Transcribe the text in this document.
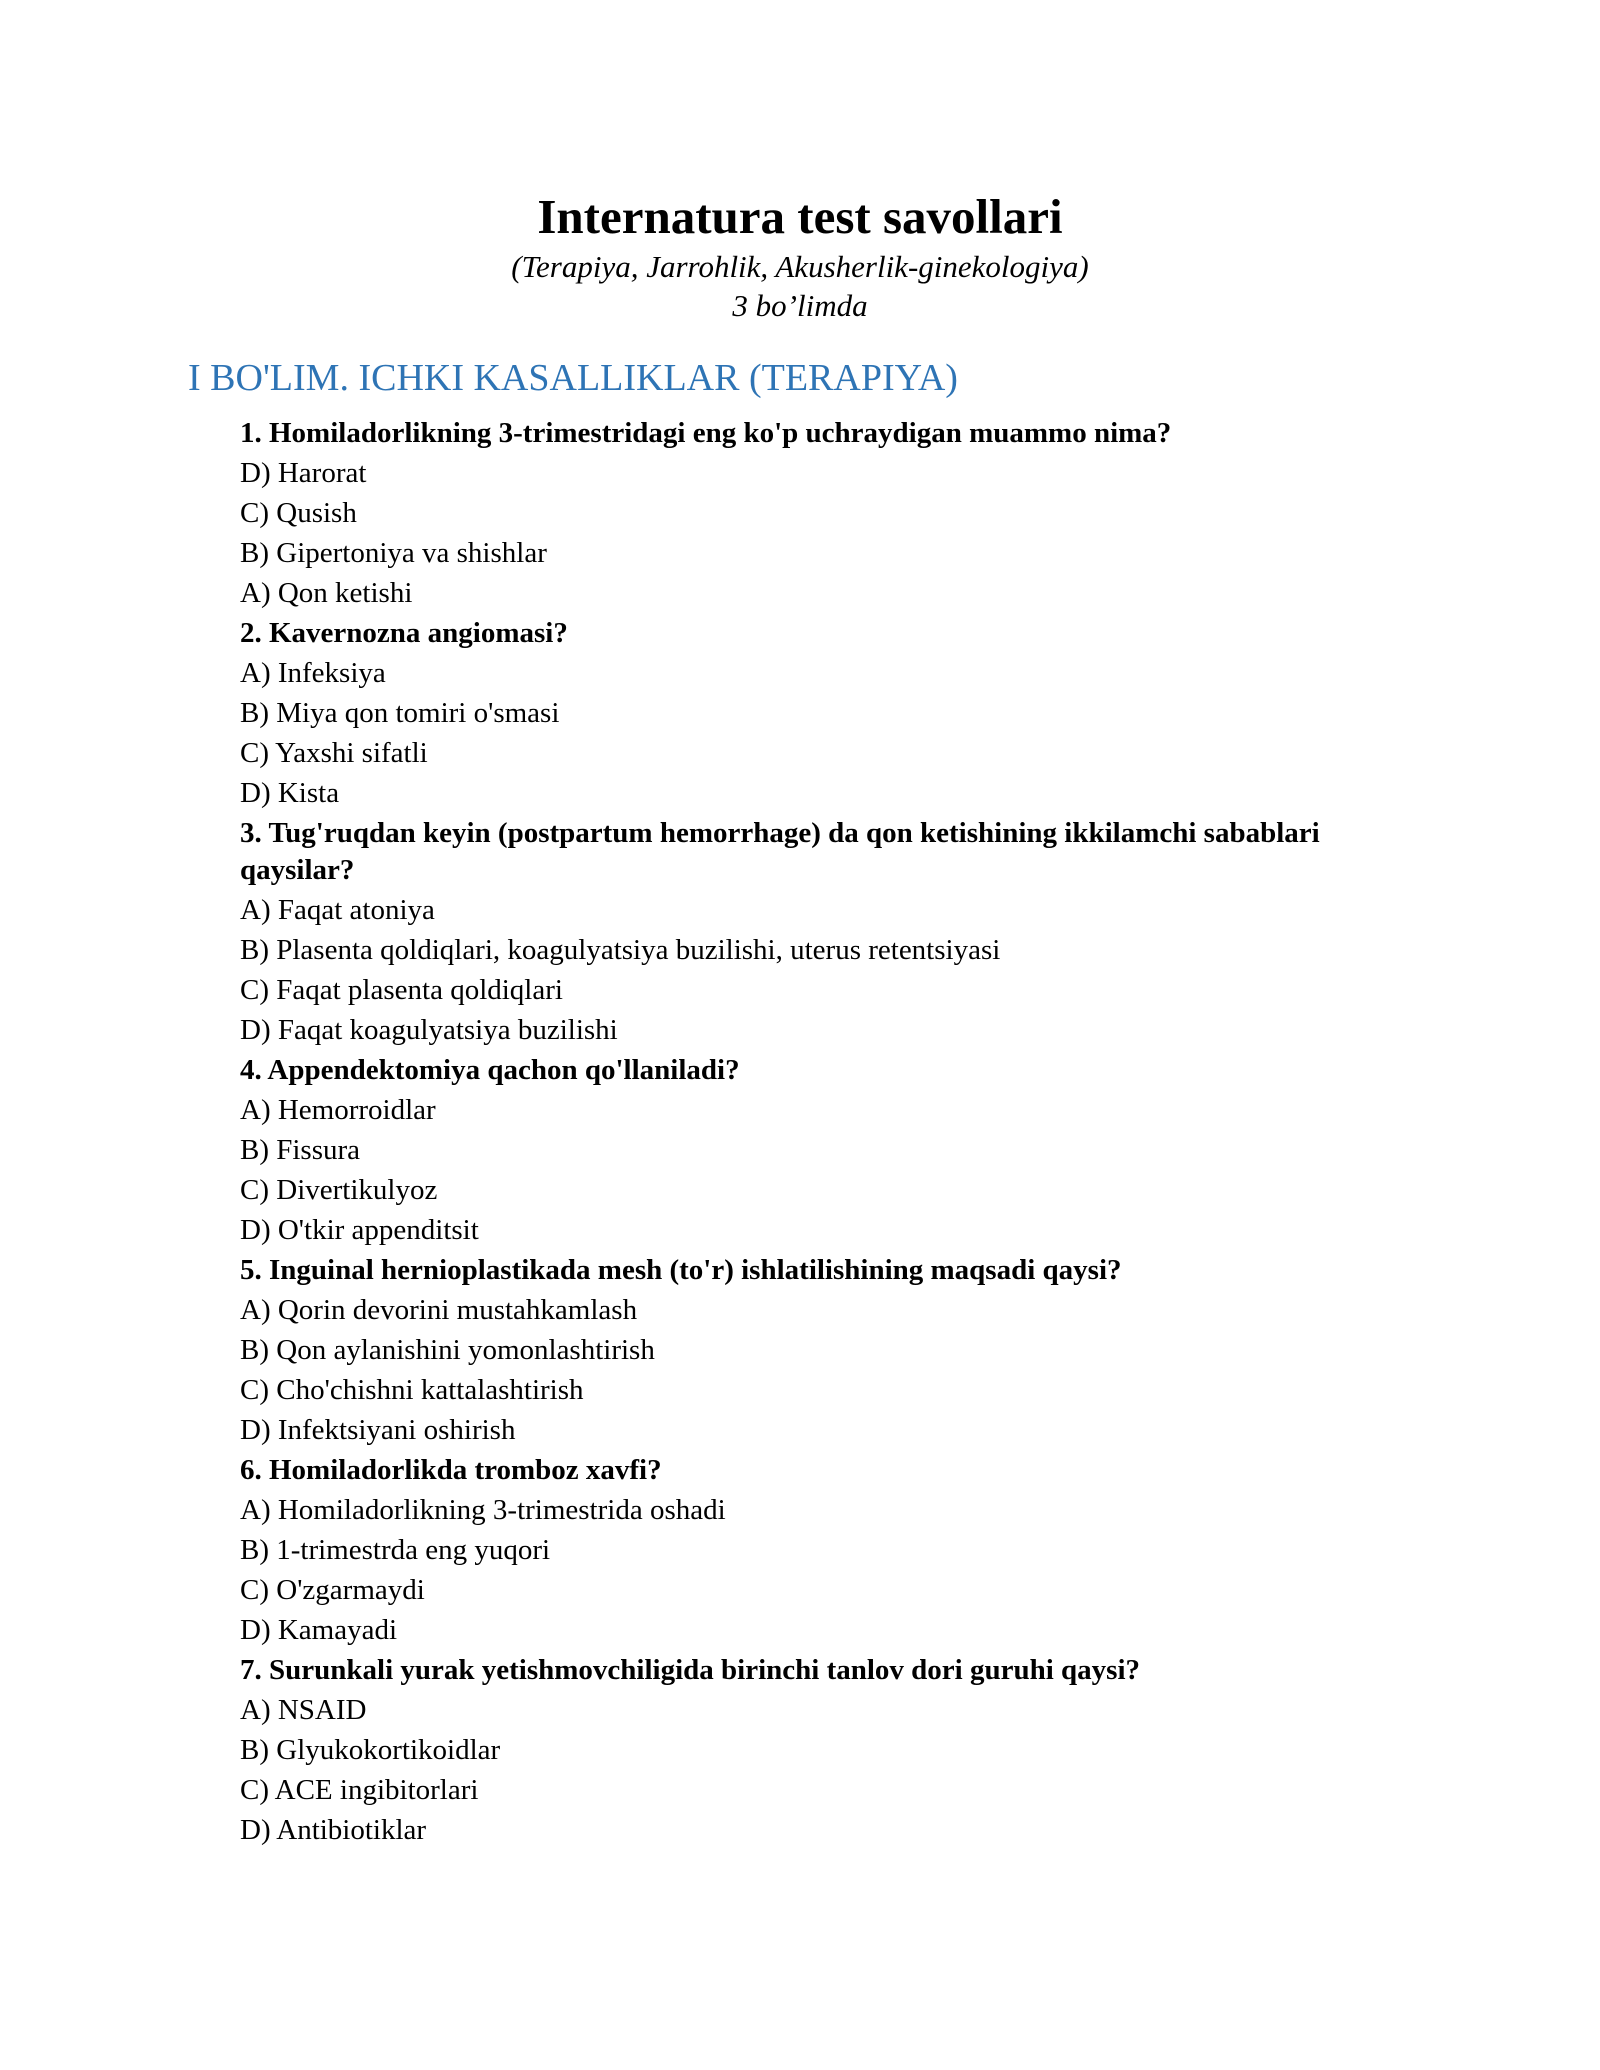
Internatura test savollari

(Terapiya, Jarrohlik, Akusherlik-ginekologiya)

3 bo’limda

I BO'LIM. ICHKI KASALLIKLAR (TERAPIYA)

1. Homiladorlikning 3-trimestridagi eng ko'p uchraydigan muammo nima?

D) Harorat

C) Qusish

B) Gipertoniya va shishlar

A) Qon ketishi

2. Kavernozna angiomasi?

A) Infeksiya

B) Miya qon tomiri o'smasi

C) Yaxshi sifatli

D) Kista

3. Tug'ruqdan keyin (postpartum hemorrhage) da qon ketishining ikkilamchi sabablari qaysilar?

A) Faqat atoniya

B) Plasenta qoldiqlari, koagulyatsiya buzilishi, uterus retentsiyasi

C) Faqat plasenta qoldiqlari

D) Faqat koagulyatsiya buzilishi

4. Appendektomiya qachon qo'llaniladi?

A) Hemorroidlar

B) Fissura

C) Divertikulyoz

D) O'tkir appenditsit

5. Inguinal hernioplastikada mesh (to'r) ishlatilishining maqsadi qaysi?

A) Qorin devorini mustahkamlash

B) Qon aylanishini yomonlashtirish

C) Cho'chishni kattalashtirish

D) Infektsiyani oshirish

6. Homiladorlikda tromboz xavfi?

A) Homiladorlikning 3-trimestrida oshadi

B) 1-trimestrda eng yuqori

C) O'zgarmaydi

D) Kamayadi

7. Surunkali yurak yetishmovchiligida birinchi tanlov dori guruhi qaysi?

A) NSAID

B) Glyukokortikoidlar

C) ACE ingibitorlari

D) Antibiotiklar
